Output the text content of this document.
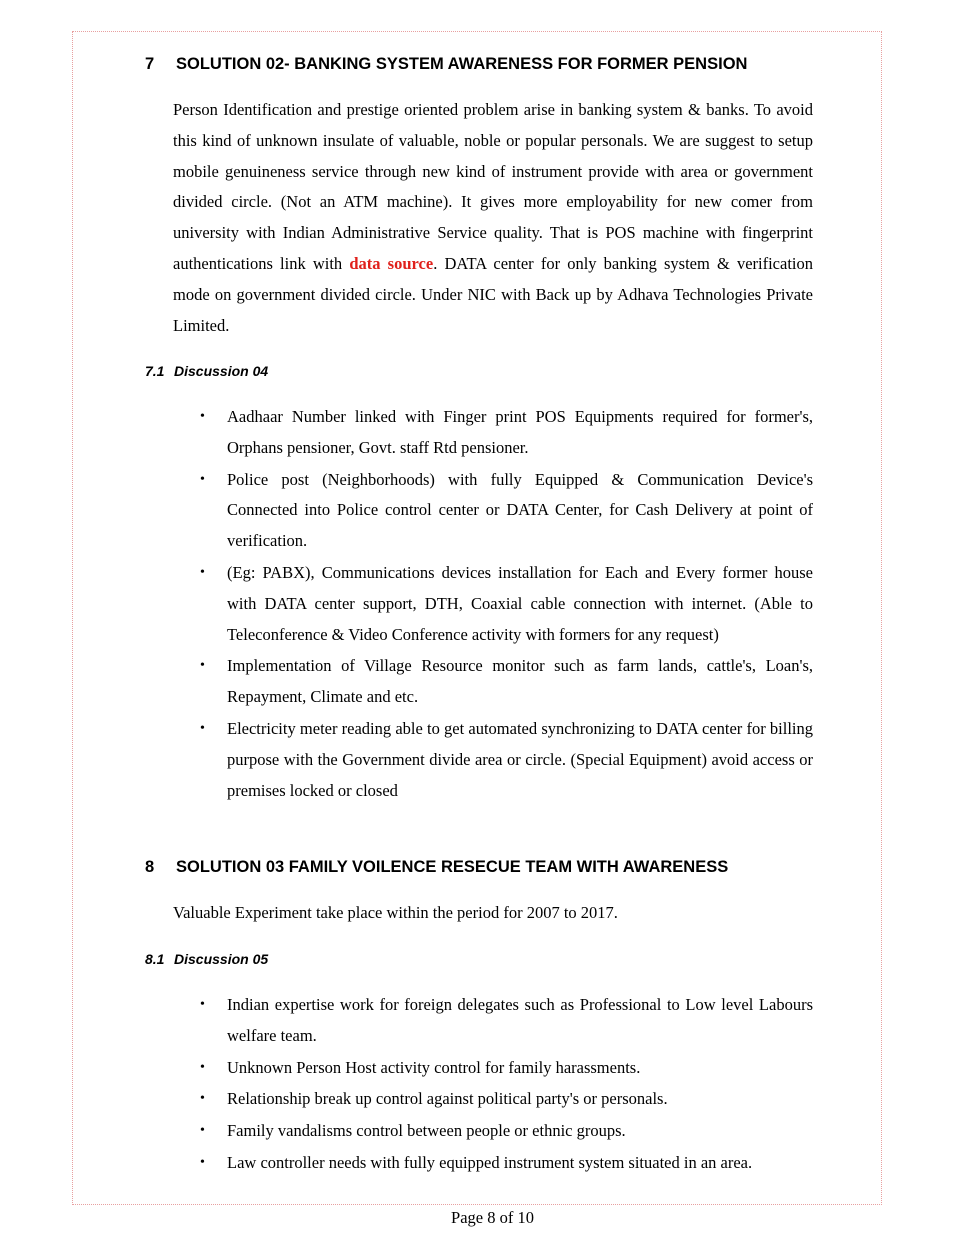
7 SOLUTION 02- BANKING SYSTEM AWARENESS FOR FORMER PENSION

Person Identification and prestige oriented problem arise in banking system & banks. To avoid this kind of unknown insulate of valuable, noble or popular personals. We are suggest to setup mobile genuineness service through new kind of instrument provide with area or government divided circle. (Not an ATM machine). It gives more employability for new comer from university with Indian Administrative Service quality. That is POS machine with fingerprint authentications link with data source. DATA center for only banking system & verification mode on government divided circle. Under NIC with Back up by Adhava Technologies Private Limited.

7.1 Discussion 04
•	Aadhaar Number linked with Finger print POS Equipments required for former's, Orphans pensioner, Govt. staff Rtd pensioner.
•	Police post (Neighborhoods) with fully Equipped & Communication Device's Connected into Police control center or DATA Center, for Cash Delivery at point of verification.
•	(Eg: PABX), Communications devices installation for Each and Every former house with DATA center support, DTH, Coaxial cable connection with internet. (Able to Teleconference & Video Conference activity with formers for any request)
•	Implementation of Village Resource monitor such as farm lands, cattle's, Loan's, Repayment, Climate and etc.
•	Electricity meter reading able to get automated synchronizing to DATA center for billing purpose with the Government divide area or circle. (Special Equipment) avoid access or premises locked or closed
8 SOLUTION 03 FAMILY VOILENCE RESECUE TEAM WITH AWARENESS

Valuable Experiment take place within the period for 2007 to 2017.

8.1 Discussion 05
•	Indian expertise work for foreign delegates such as Professional to Low level Labours welfare team.
•	Unknown Person Host activity control for family harassments.
•	Relationship break up control against political party's or personals.
•	Family vandalisms control between people or ethnic groups.
•	Law controller needs with fully equipped instrument system situated in an area.
Page 8 of 10
